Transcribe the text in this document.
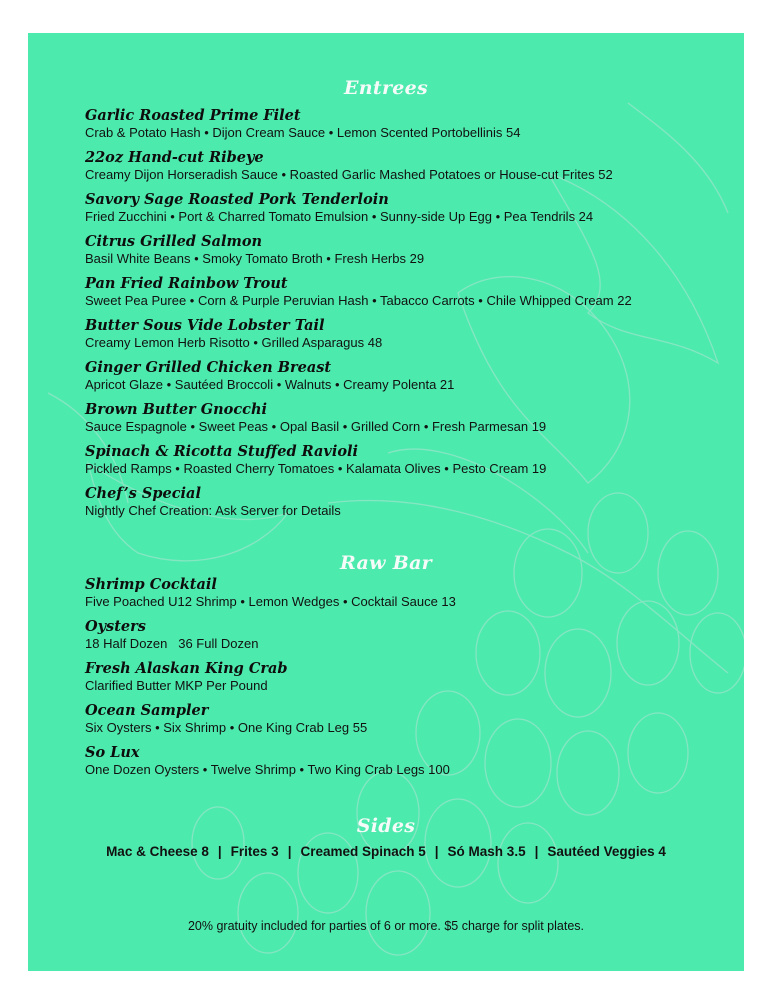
Entrees
Garlic Roasted Prime Filet
Crab & Potato Hash • Dijon Cream Sauce • Lemon Scented Portobellinis 54
22oz Hand-cut Ribeye
Creamy Dijon Horseradish Sauce • Roasted Garlic Mashed Potatoes or House-cut Frites 52
Savory Sage Roasted Pork Tenderloin
Fried Zucchini • Port & Charred Tomato Emulsion • Sunny-side Up Egg • Pea Tendrils 24
Citrus Grilled Salmon
Basil White Beans • Smoky Tomato Broth • Fresh Herbs 29
Pan Fried Rainbow Trout
Sweet Pea Puree • Corn & Purple Peruvian Hash • Tabacco Carrots • Chile Whipped Cream 22
Butter Sous Vide Lobster Tail
Creamy Lemon Herb Risotto • Grilled Asparagus 48
Ginger Grilled Chicken Breast
Apricot Glaze • Sautéed Broccoli • Walnuts • Creamy Polenta 21
Brown Butter Gnocchi
Sauce Espagnole • Sweet Peas • Opal Basil • Grilled Corn • Fresh Parmesan 19
Spinach & Ricotta Stuffed Ravioli
Pickled Ramps • Roasted Cherry Tomatoes • Kalamata Olives • Pesto Cream 19
Chef’s Special
Nightly Chef Creation: Ask Server for Details
Raw Bar
Shrimp Cocktail
Five Poached U12 Shrimp • Lemon Wedges • Cocktail Sauce 13
Oysters
18 Half Dozen   36 Full Dozen
Fresh Alaskan King Crab
Clarified Butter MKP Per Pound
Ocean Sampler
Six Oysters • Six Shrimp • One King Crab Leg 55
So Lux
One Dozen Oysters • Twelve Shrimp • Two King Crab Legs 100
Sides
Mac & Cheese 8 | Frites 3 | Creamed Spinach 5 | Só Mash 3.5 | Sautéed Veggies 4
20% gratuity included for parties of 6 or more. $5 charge for split plates.
